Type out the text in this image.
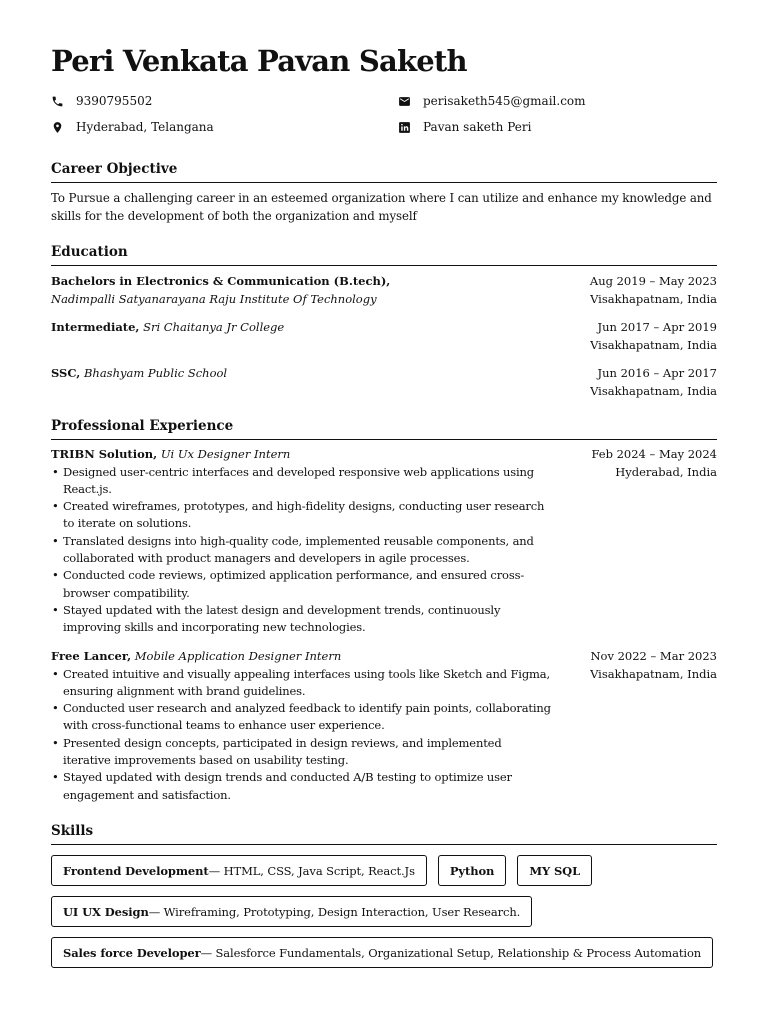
Peri Venkata Pavan Saketh
9390795502
Hyderabad, Telangana
perisaketh545@gmail.com
Pavan saketh Peri
Career Objective

To Pursue a challenging career in an esteemed organization where I can utilize and enhance my knowledge and skills for the development of both the organization and myself

Education
Bachelors in Electronics & Communication (B.tech),
Nadimpalli Satyanarayana Raju Institute Of Technology
Aug 2019 – May 2023
Visakhapatnam, India
Intermediate, Sri Chaitanya Jr College	Jun 2017 – Apr 2019
Visakhapatnam, India
SSC, Bhashyam Public School	Jun 2016 – Apr 2017
Visakhapatnam, India
Professional Experience
TRIBN Solution, Ui Ux Designer Intern
• Designed user-centric interfaces and developed responsive web applications using React.js.
• Created wireframes, prototypes, and high-fidelity designs, conducting user research to iterate on solutions.
• Translated designs into high-quality code, implemented reusable components, and collaborated with product managers and developers in agile processes.
• Conducted code reviews, optimized application performance, and ensured cross-browser compatibility.
• Stayed updated with the latest design and development trends, continuously improving skills and incorporating new technologies.
Feb 2024 – May 2024
Hyderabad, India
Free Lancer, Mobile Application Designer Intern
• Created intuitive and visually appealing interfaces using tools like Sketch and Figma, ensuring alignment with brand guidelines.
• Conducted user research and analyzed feedback to identify pain points, collaborating with cross-functional teams to enhance user experience.
• Presented design concepts, participated in design reviews, and implemented iterative improvements based on usability testing.
• Stayed updated with design trends and conducted A/B testing to optimize user engagement and satisfaction.
Nov 2022 – Mar 2023
Visakhapatnam, India
Skills
Frontend Development — HTML, CSS, Java Script, React.Js	Python	MY SQL
UI UX Design — Wireframing, Prototyping, Design Interaction, User Research.
Sales force Developer — Salesforce Fundamentals, Organizational Setup, Relationship & Process Automation
